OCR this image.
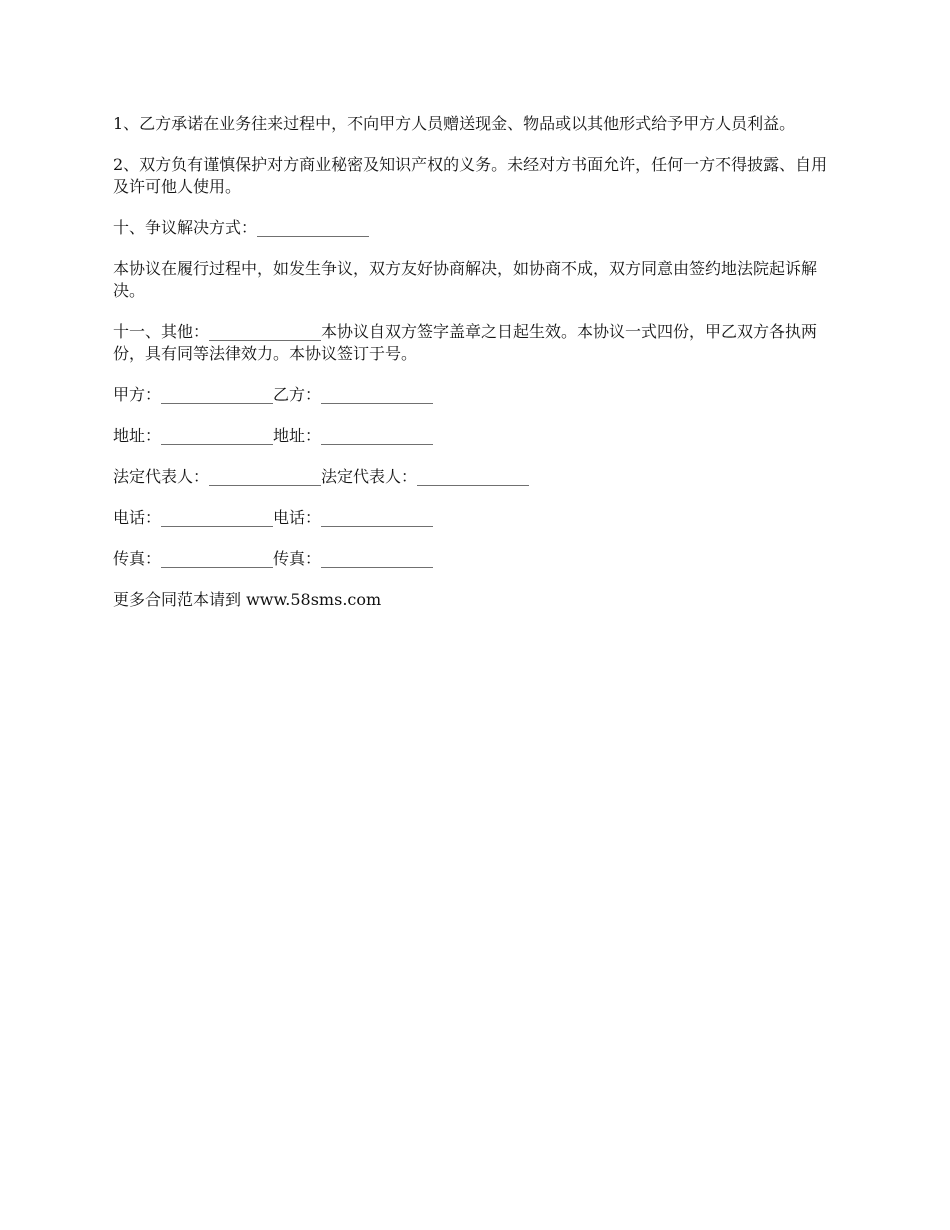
1、乙方承诺在业务往来过程中，不向甲方人员赠送现金、物品或以其他形式给予甲方人员利益。

2、双方负有谨慎保护对方商业秘密及知识产权的义务。未经对方书面允许，任何一方不得披露、自用及许可他人使用。

十、争议解决方式：______________

本协议在履行过程中，如发生争议，双方友好协商解决，如协商不成，双方同意由签约地法院起诉解决。

十一、其他：______________本协议自双方签字盖章之日起生效。本协议一式四份，甲乙双方各执两份，具有同等法律效力。本协议签订于号。

甲方：______________乙方：______________

地址：______________地址：______________

法定代表人：______________法定代表人：______________

电话：______________电话：______________

传真：______________传真：______________

更多合同范本请到 www.58sms.com
